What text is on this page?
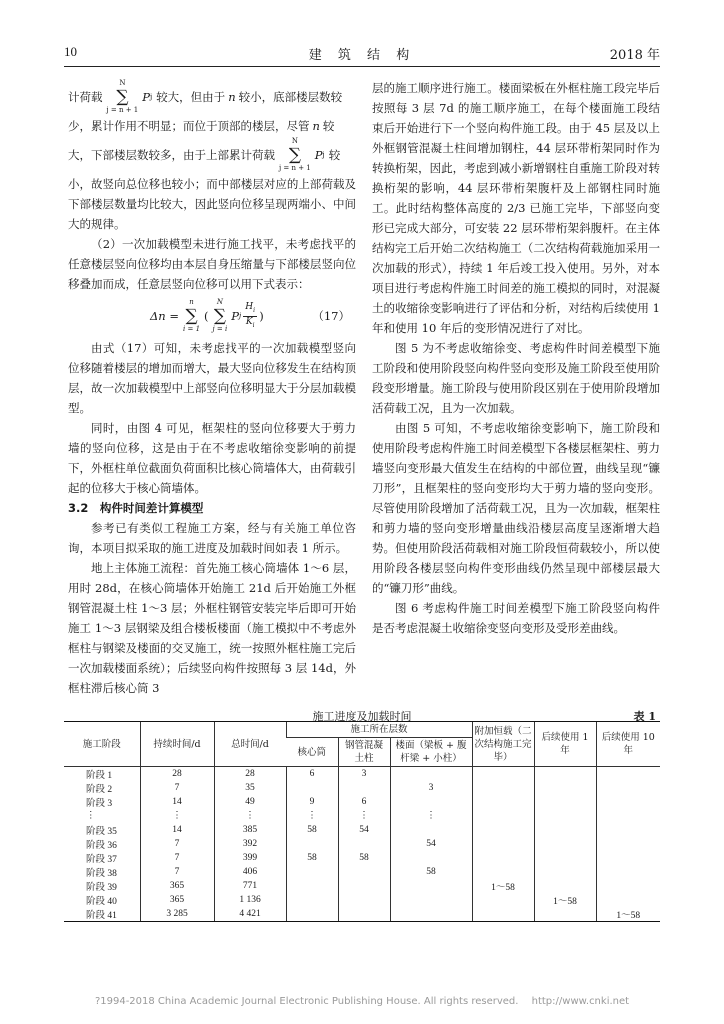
10	建 筑 结 构	2018 年
计荷载
N
∑
j = n + 1
P j 较大，但由于 n 较小，底部楼层数较

少，累计作用不明显；而位于顶部的楼层，尽管 n 较

大，下部楼层数较多，由于上部累计荷载
N
∑
j = n + 1
P j 较

小，故竖向总位移也较小；而中部楼层对应的上部荷载及下部楼层数量均比较大，因此竖向位移呈现两端小、中间大的规律。

（2）一次加载模型未进行施工找平，未考虑找平的任意楼层竖向位移均由本层自身压缩量与下部楼层竖向位移叠加而成，任意层竖向位移可以用下式表示：

Δn =
n
∑
i = 1
(
N
∑
j = i
P j $\frac{H_i}{K_i}$ )	（17）

由式（17）可知，未考虑找平的一次加载模型竖向位移随着楼层的增加而增大，最大竖向位移发生在结构顶层，故一次加载模型中上部竖向位移明显大于分层加载模型。

同时，由图 4 可见，框架柱的竖向位移要大于剪力墙的竖向位移，这是由于在不考虑收缩徐变影响的前提下，外框柱单位截面负荷面积比核心筒墙体大，由荷载引起的位移大于核心筒墙体。

3.2　构件时间差计算模型

参考已有类似工程施工方案，经与有关施工单位咨询，本项目拟采取的施工进度及加载时间如表 1 所示。

地上主体施工流程：首先施工核心筒墙体 1～6 层，用时 28d，在核心筒墙体开始施工 21d 后开始施工外框钢管混凝土柱 1～3 层；外框柱钢管安装完毕后即可开始施工 1～3 层钢梁及组合楼板楼面（施工模拟中不考虑外框柱与钢梁及楼面的交叉施工，统一按照外框柱施工完后一次加载楼面系统）；后续竖向构件按照每 3 层 14d，外框柱滞后核心筒 3

层的施工顺序进行施工。楼面梁板在外框柱施工段完毕后按照每 3 层 7d 的施工顺序施工，在每个楼面施工段结束后开始进行下一个竖向构件施工段。由于 45 层及以上外框钢管混凝土柱间增加钢柱，44 层环带桁架同时作为转换桁架，因此，考虑到减小新增钢柱自重施工阶段对转换桁架的影响，44 层环带桁架腹杆及上部钢柱同时施工。此时结构整体高度的 2/3 已施工完毕，下部竖向变形已完成大部分，可安装 22 层环带桁架斜腹杆。在主体结构完工后开始二次结构施工（二次结构荷载施加采用一次加载的形式），持续 1 年后竣工投入使用。另外，对本项目进行考虑构件施工时间差的施工模拟的同时，对混凝土的收缩徐变影响进行了评估和分析，对结构后续使用 1 年和使用 10 年后的变形情况进行了对比。

图 5 为不考虑收缩徐变、考虑构件时间差模型下施工阶段和使用阶段竖向构件竖向变形及施工阶段至使用阶段变形增量。施工阶段与使用阶段区别在于使用阶段增加活荷载工况，且为一次加载。

由图 5 可知，不考虑收缩徐变影响下，施工阶段和使用阶段考虑构件施工时间差模型下各楼层框架柱、剪力墙竖向变形最大值发生在结构的中部位置，曲线呈现“镰刀形”，且框架柱的竖向变形均大于剪力墙的竖向变形。尽管使用阶段增加了活荷载工况，且为一次加载，框架柱和剪力墙的竖向变形增量曲线沿楼层高度呈逐渐增大趋势。但使用阶段活荷载相对施工阶段恒荷载较小，所以使用阶段各楼层竖向构件变形曲线仍然呈现中部楼层最大的“镰刀形”曲线。

图 6 考虑构件施工时间差模型下施工阶段竖向构件是否考虑混凝土收缩徐变竖向变形及受形差曲线。

施工进度及加载时间	表 1
施工阶段	持续时间/d	总时间/d	施工所在层数			附加恒载（二次结构施工完毕）	后续使用 1 年	后续使用 10 年
			核心筒	钢管混凝土柱	楼面（梁板 + 腹杆梁 + 小柱）			
阶段 1	28	28	6	3				
阶段 2	7	35			3			
阶段 3	14	49	9	6				
⋮	⋮	⋮	⋮	⋮	⋮			
阶段 35	14	385	58	54				
阶段 36	7	392			54			
阶段 37	7	399	58	58				
阶段 38	7	406			58			
阶段 39	365	771				1～58		
阶段 40	365	1 136					1～58	
阶段 41	3 285	4 421						1～58
?1994-2018 China Academic Journal Electronic Publishing House. All rights reserved.　 http://www.cnki.net
